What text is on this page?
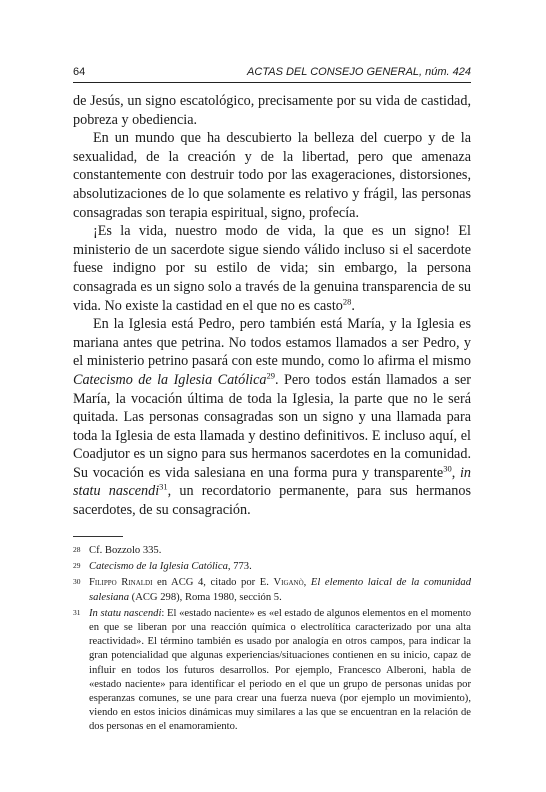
64	ACTAS DEL CONSEJO GENERAL, núm. 424

de Jesús, un signo escatológico, precisamente por su vida de castidad, pobreza y obediencia.

En un mundo que ha descubierto la belleza del cuerpo y de la sexualidad, de la creación y de la libertad, pero que amenaza constantemente con destruir todo por las exageraciones, distorsiones, absolutizaciones de lo que solamente es relativo y frágil, las personas consagradas son terapia espiritual, signo, profecía.

¡Es la vida, nuestro modo de vida, la que es un signo! El ministerio de un sacerdote sigue siendo válido incluso si el sacerdote fuese indigno por su estilo de vida; sin embargo, la persona consagrada es un signo solo a través de la genuina transparencia de su vida. No existe la castidad en el que no es casto$^{28}$.

En la Iglesia está Pedro, pero también está María, y la Iglesia es mariana antes que petrina. No todos estamos llamados a ser Pedro, y el ministerio petrino pasará con este mundo, como lo afirma el mismo Catecismo de la Iglesia Católica$^{29}$. Pero todos están llamados a ser María, la vocación última de toda la Iglesia, la parte que no le será quitada. Las personas consagradas son un signo y una llamada para toda la Iglesia de esta llamada y destino definitivos. E incluso aquí, el Coadjutor es un signo para sus hermanos sacerdotes en la comunidad. Su vocación es vida salesiana en una forma pura y transparente$^{30}$, in statu nascendi$^{31}$, un recordatorio permanente, para sus hermanos sacerdotes, de su consagración.

28 Cf. Bozzolo 335.
29 Catecismo de la Iglesia Católica, 773.
30 Filippo Rinaldi en ACG 4, citado por E. Viganò, El elemento laical de la comunidad salesiana (ACG 298), Roma 1980, sección 5.
31 In statu nascendi: El «estado naciente» es «el estado de algunos elementos en el momento en que se liberan por una reacción química o electrolítica caracterizado por una alta reactividad». El término también es usado por analogía en otros campos, para indicar la gran potencialidad que algunas experiencias/situaciones contienen en su inicio, capaz de influir en todos los futuros desarrollos. Por ejemplo, Francesco Alberoni, habla de «estado naciente» para identificar el periodo en el que un grupo de personas unidas por esperanzas comunes, se une para crear una fuerza nueva (por ejemplo un movimiento), viendo en estos inicios dinámicas muy similares a las que se encuentran en la relación de dos personas en el enamoramiento.
